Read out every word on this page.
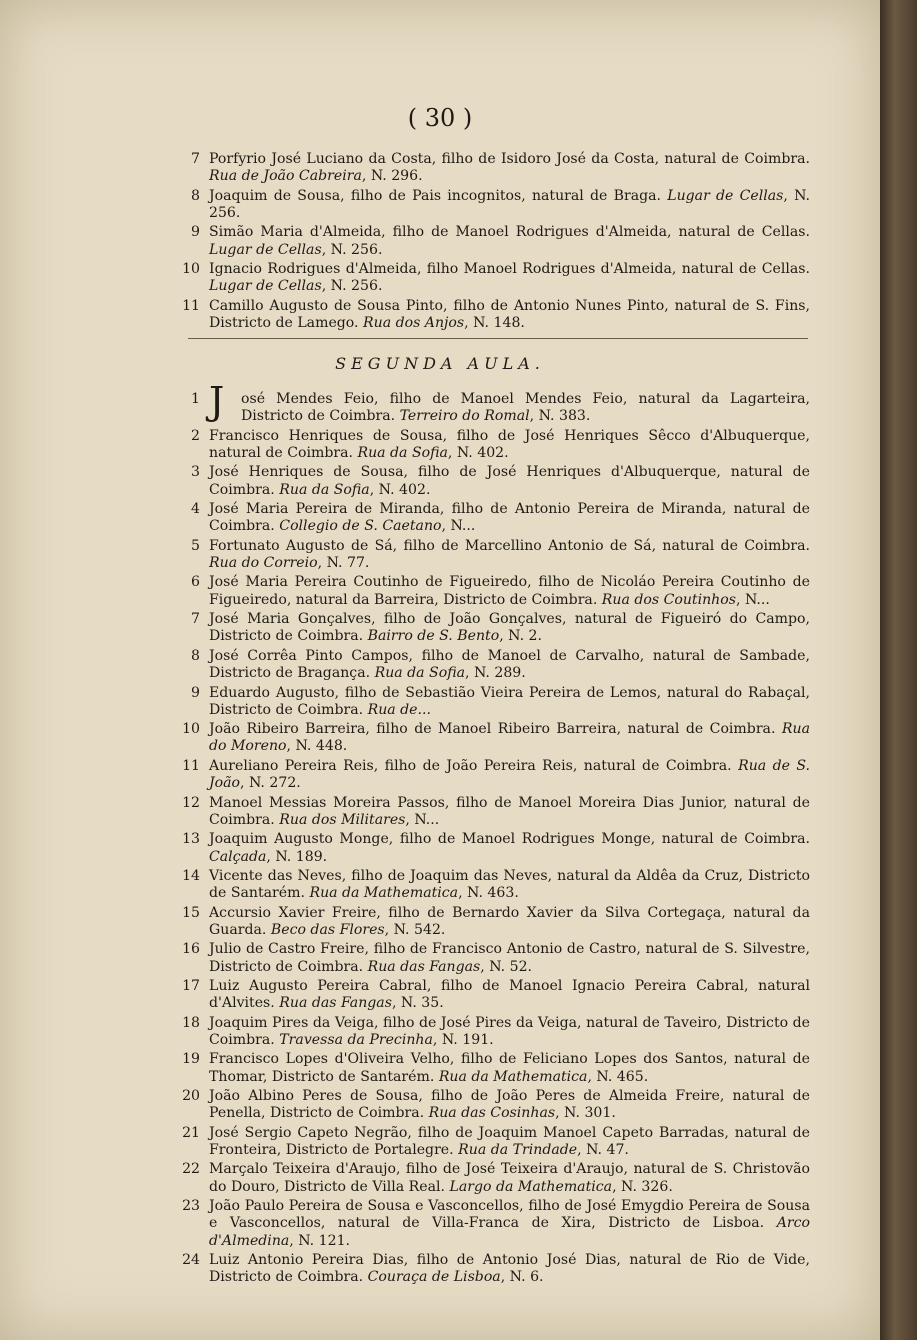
( 30 )
7 Porfyrio José Luciano da Costa, filho de Isidoro José da Costa, natural de Coimbra. Rua de João Cabreira, N. 296.
8 Joaquim de Sousa, filho de Pais incognitos, natural de Braga. Lugar de Cellas, N. 256.
9 Simão Maria d'Almeida, filho de Manoel Rodrigues d'Almeida, natural de Cellas. Lugar de Cellas, N. 256.
10 Ignacio Rodrigues d'Almeida, filho Manoel Rodrigues d'Almeida, natural de Cellas. Lugar de Cellas, N. 256.
11 Camillo Augusto de Sousa Pinto, filho de Antonio Nunes Pinto, natural de S. Fins, Districto de Lamego. Rua dos Anjos, N. 148.
SEGUNDA AULA.
J
1	osé Mendes Feio, filho de Manoel Mendes Feio, natural da Lagarteira, Districto de Coimbra. Terreiro do Romal, N. 383.
2 Francisco Henriques de Sousa, filho de José Henriques Sêcco d'Albuquerque, natural de Coimbra. Rua da Sofia, N. 402.
3 José Henriques de Sousa, filho de José Henriques d'Albuquerque, natural de Coimbra. Rua da Sofia, N. 402.
4 José Maria Pereira de Miranda, filho de Antonio Pereira de Miranda, natural de Coimbra. Collegio de S. Caetano, N...
5 Fortunato Augusto de Sá, filho de Marcellino Antonio de Sá, natural de Coimbra. Rua do Correio, N. 77.
6 José Maria Pereira Coutinho de Figueiredo, filho de Nicoláo Pereira Coutinho de Figueiredo, natural da Barreira, Districto de Coimbra. Rua dos Coutinhos, N...
7 José Maria Gonçalves, filho de João Gonçalves, natural de Figueiró do Campo, Districto de Coimbra. Bairro de S. Bento, N. 2.
8 José Corrêa Pinto Campos, filho de Manoel de Carvalho, natural de Sambade, Districto de Bragança. Rua da Sofia, N. 289.
9 Eduardo Augusto, filho de Sebastião Vieira Pereira de Lemos, natural do Rabaçal, Districto de Coimbra. Rua de...
10 João Ribeiro Barreira, filho de Manoel Ribeiro Barreira, natural de Coimbra. Rua do Moreno, N. 448.
11 Aureliano Pereira Reis, filho de João Pereira Reis, natural de Coimbra. Rua de S. João, N. 272.
12 Manoel Messias Moreira Passos, filho de Manoel Moreira Dias Junior, natural de Coimbra. Rua dos Militares, N...
13 Joaquim Augusto Monge, filho de Manoel Rodrigues Monge, natural de Coimbra. Calçada, N. 189.
14 Vicente das Neves, filho de Joaquim das Neves, natural da Aldêa da Cruz, Districto de Santarém. Rua da Mathematica, N. 463.
15 Accursio Xavier Freire, filho de Bernardo Xavier da Silva Cortegaça, natural da Guarda. Beco das Flores, N. 542.
16 Julio de Castro Freire, filho de Francisco Antonio de Castro, natural de S. Silvestre, Districto de Coimbra. Rua das Fangas, N. 52.
17 Luiz Augusto Pereira Cabral, filho de Manoel Ignacio Pereira Cabral, natural d'Alvites. Rua das Fangas, N. 35.
18 Joaquim Pires da Veiga, filho de José Pires da Veiga, natural de Taveiro, Districto de Coimbra. Travessa da Precinha, N. 191.
19 Francisco Lopes d'Oliveira Velho, filho de Feliciano Lopes dos Santos, natural de Thomar, Districto de Santarém. Rua da Mathematica, N. 465.
20 João Albino Peres de Sousa, filho de João Peres de Almeida Freire, natural de Penella, Districto de Coimbra. Rua das Cosinhas, N. 301.
21 José Sergio Capeto Negrão, filho de Joaquim Manoel Capeto Barradas, natural de Fronteira, Districto de Portalegre. Rua da Trindade, N. 47.
22 Marçalo Teixeira d'Araujo, filho de José Teixeira d'Araujo, natural de S. Christovão do Douro, Districto de Villa Real. Largo da Mathematica, N. 326.
23 João Paulo Pereira de Sousa e Vasconcellos, filho de José Emygdio Pereira de Sousa e Vasconcellos, natural de Villa-Franca de Xira, Districto de Lisboa. Arco d'Almedina, N. 121.
24 Luiz Antonio Pereira Dias, filho de Antonio José Dias, natural de Rio de Vide, Districto de Coimbra. Couraça de Lisboa, N. 6.
